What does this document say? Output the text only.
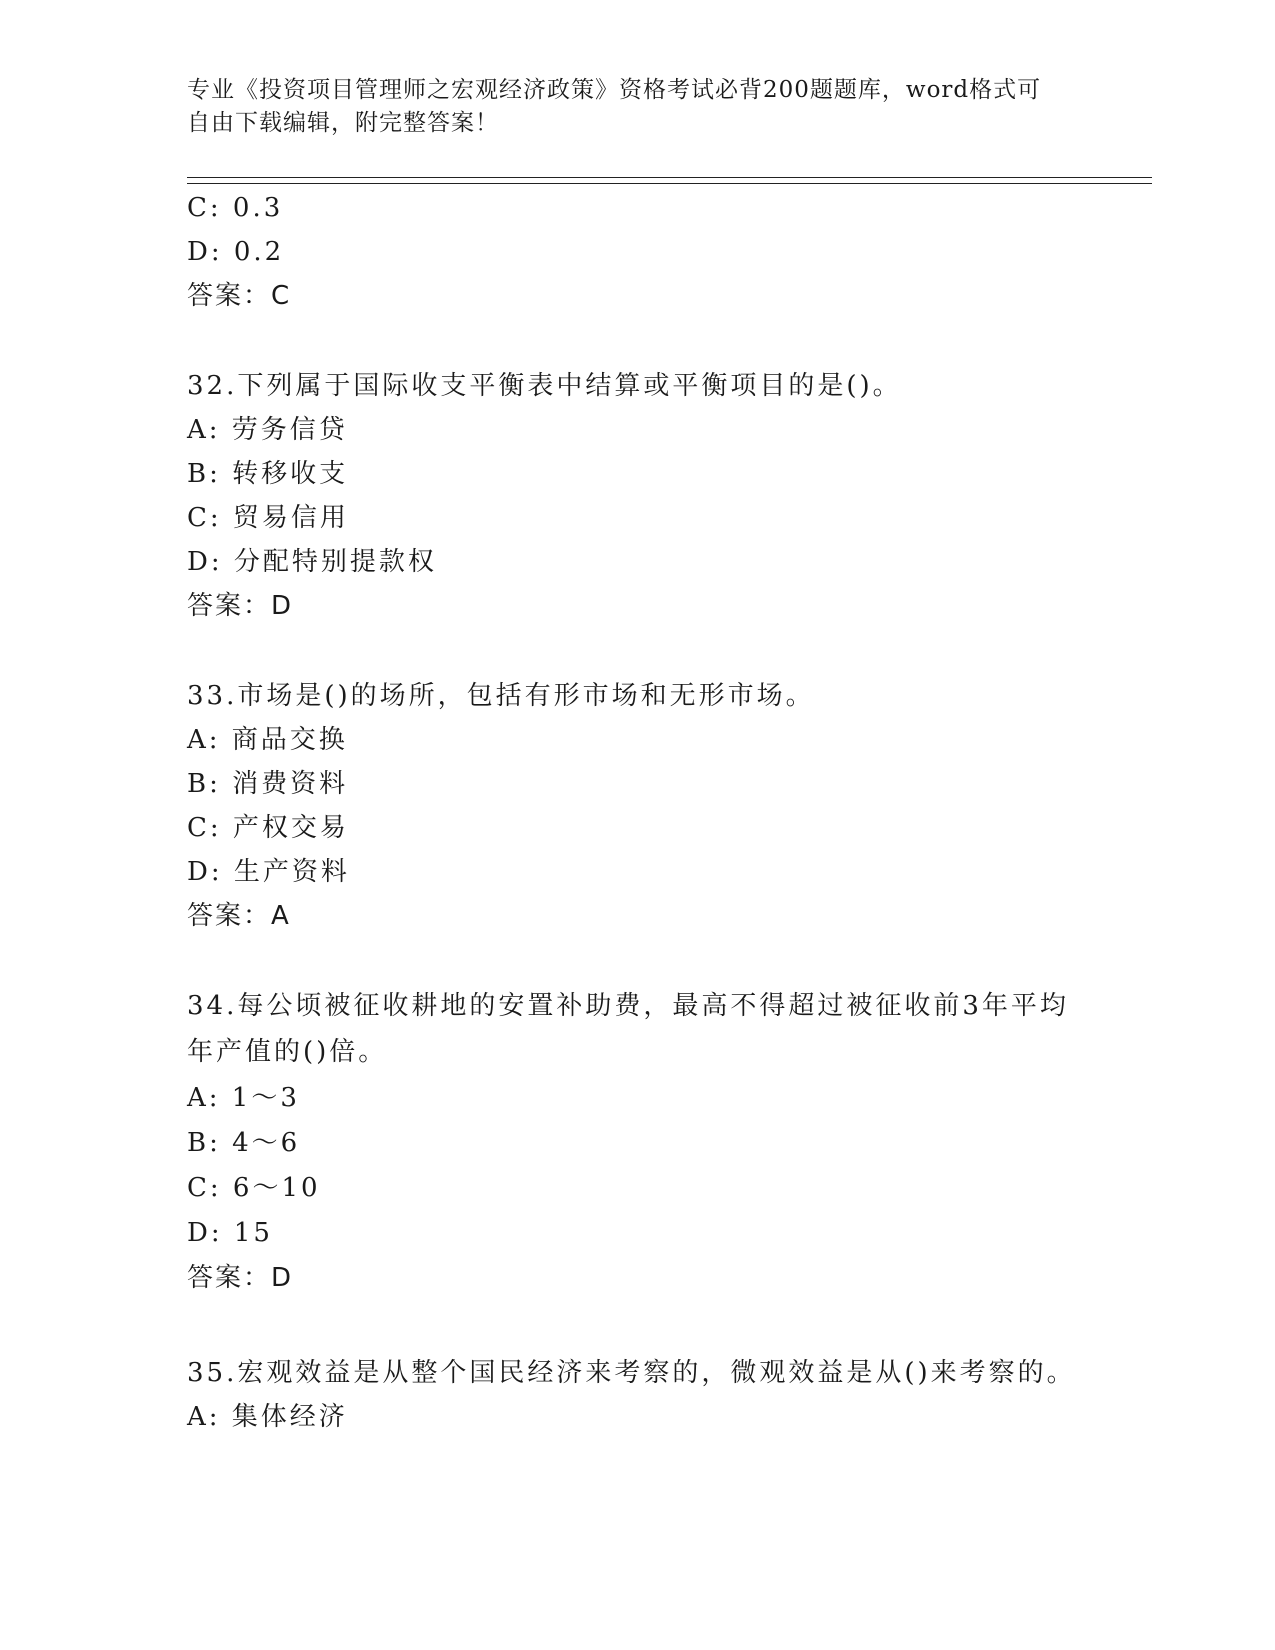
专业《投资项目管理师之宏观经济政策》资格考试必背200题题库，word格式可
自由下载编辑，附完整答案！
C: 0.3
D: 0.2
答案：C
32.下列属于国际收支平衡表中结算或平衡项目的是()。
A: 劳务信贷
B: 转移收支
C: 贸易信用
D: 分配特别提款权
答案：D
33.市场是()的场所，包括有形市场和无形市场。
A: 商品交换
B: 消费资料
C: 产权交易
D: 生产资料
答案：A
34.每公顷被征收耕地的安置补助费，最高不得超过被征收前3年平均
年产值的()倍。
A: 1～3
B: 4～6
C: 6～10
D: 15
答案：D
35.宏观效益是从整个国民经济来考察的，微观效益是从()来考察的。
A: 集体经济
